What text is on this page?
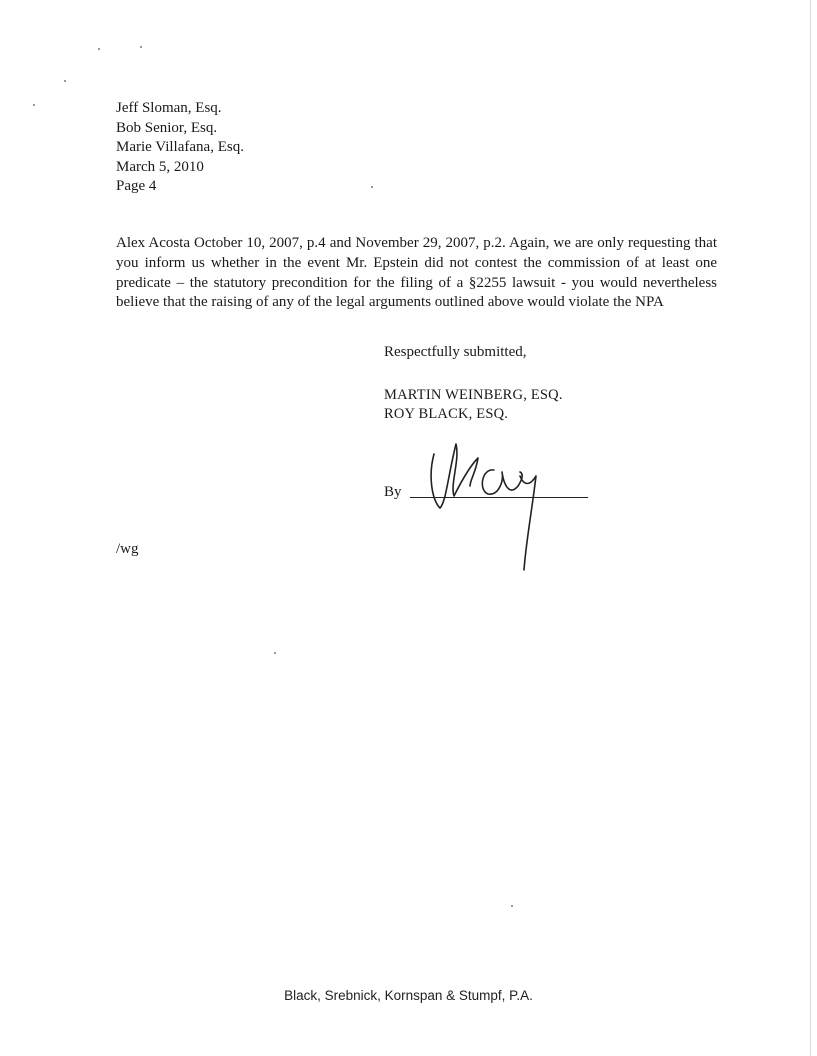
Jeff Sloman, Esq.
Bob Senior, Esq.
Marie Villafana, Esq.
March 5, 2010
Page 4
Alex Acosta October 10, 2007, p.4 and November 29, 2007, p.2. Again, we are only requesting that you inform us whether in the event Mr. Epstein did not contest the commission of at least one predicate – the statutory precondition for the filing of a §2255 lawsuit - you would nevertheless believe that the raising of any of the legal arguments outlined above would violate the NPA
Respectfully submitted,
MARTIN WEINBERG, ESQ.
ROY BLACK, ESQ.
By
/wg
Black, Srebnick, Kornspan & Stumpf, P.A.
